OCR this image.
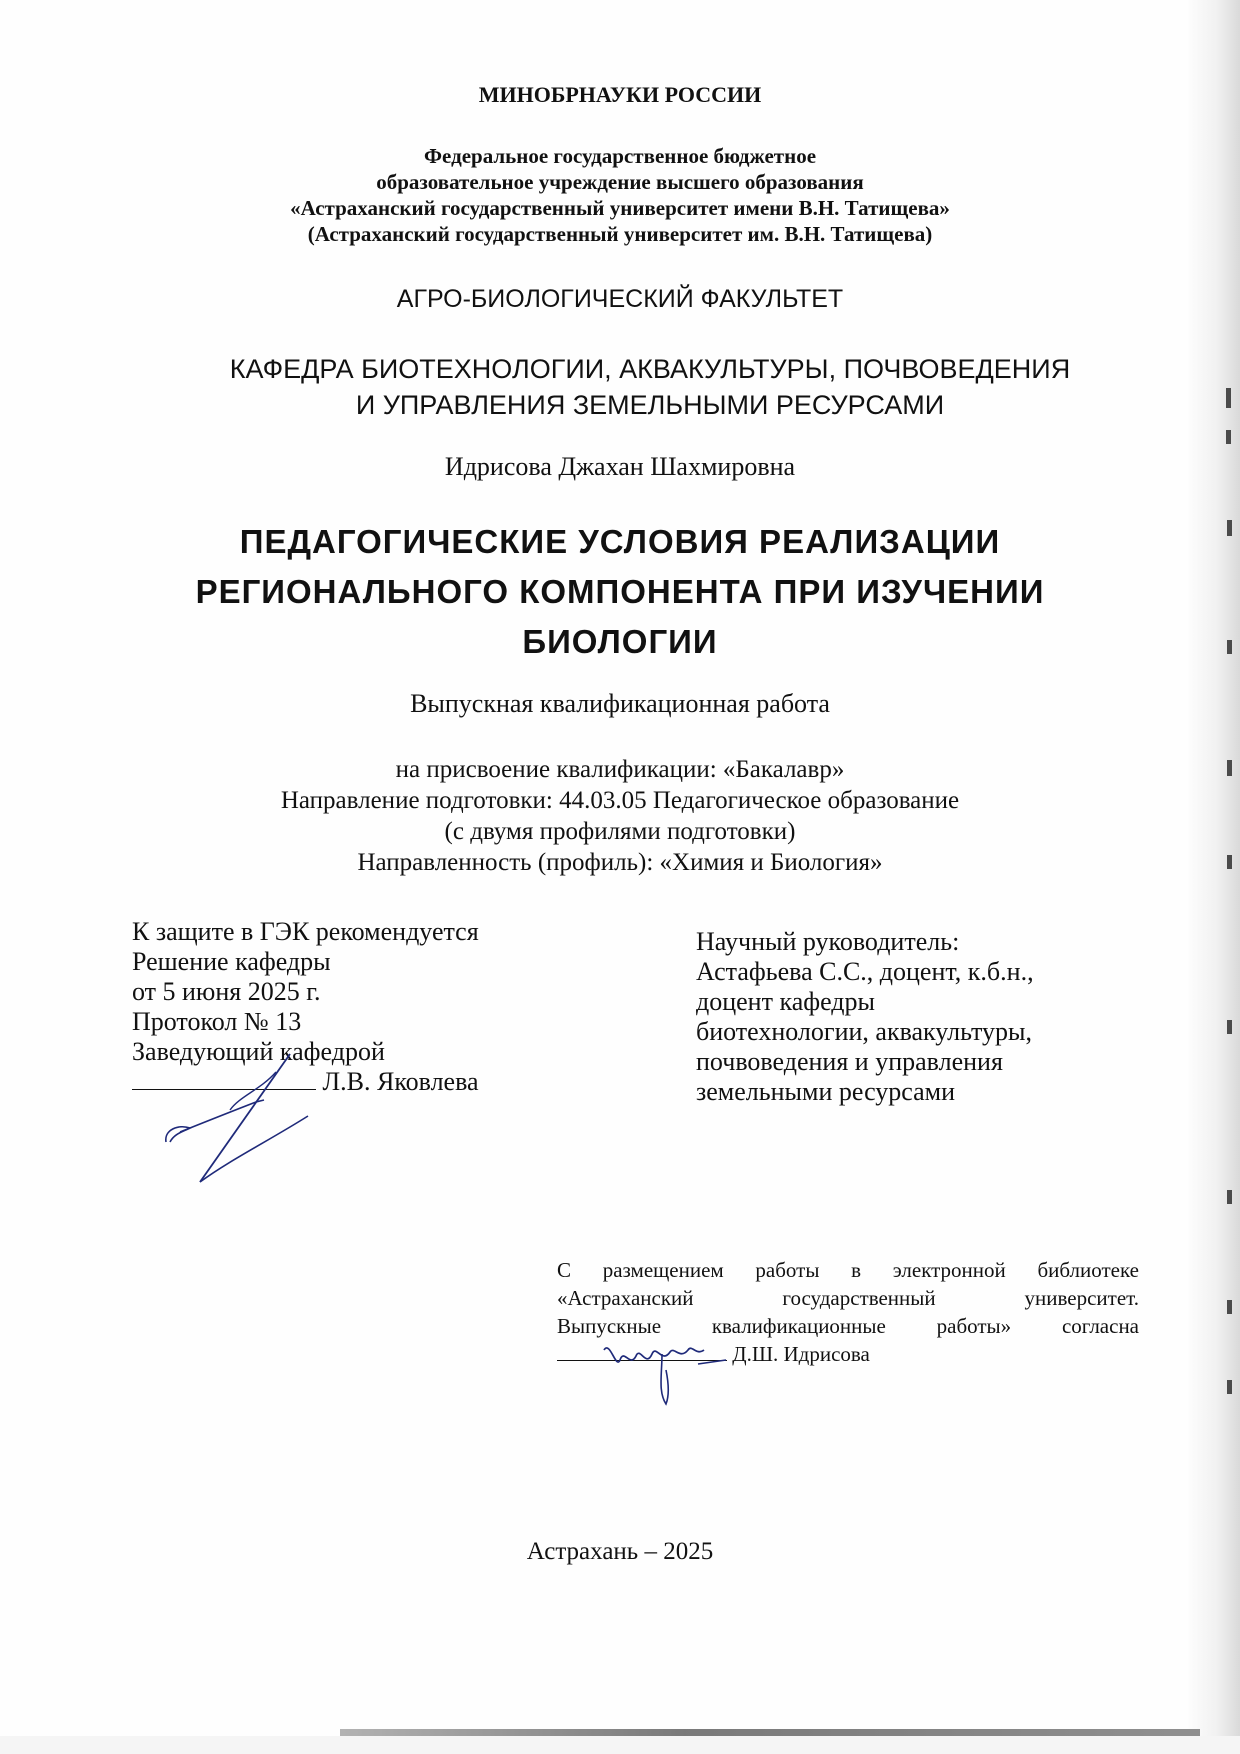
МИНОБРНАУКИ РОССИИ
Федеральное государственное бюджетное
образовательное учреждение высшего образования
«Астраханский государственный университет имени В.Н. Татищева»
(Астраханский государственный университет им. В.Н. Татищева)
АГРО-БИОЛОГИЧЕСКИЙ ФАКУЛЬТЕТ
КАФЕДРА БИОТЕХНОЛОГИИ, АКВАКУЛЬТУРЫ, ПОЧВОВЕДЕНИЯ
И УПРАВЛЕНИЯ ЗЕМЕЛЬНЫМИ РЕСУРСАМИ
Идрисова Джахан Шахмировна
ПЕДАГОГИЧЕСКИЕ УСЛОВИЯ РЕАЛИЗАЦИИ
РЕГИОНАЛЬНОГО КОМПОНЕНТА ПРИ ИЗУЧЕНИИ
БИОЛОГИИ
Выпускная квалификационная работа
на присвоение квалификации: «Бакалавр»
Направление подготовки: 44.03.05 Педагогическое образование
(с двумя профилями подготовки)
Направленность (профиль): «Химия и Биология»
К защите в ГЭК рекомендуется
Решение кафедры
от 5 июня 2025 г.
Протокол № 13
Заведующий кафедрой
Л.В. Яковлева
Научный руководитель:
Астафьева С.С., доцент, к.б.н.,
доцент кафедры
биотехнологии, аквакультуры,
почвоведения и управления
земельными ресурсами
С размещением работы в электронной библиотеке
«Астраханский государственный университет.
Выпускные квалификационные работы» согласна
Д.Ш. Идрисова
Астрахань – 2025
